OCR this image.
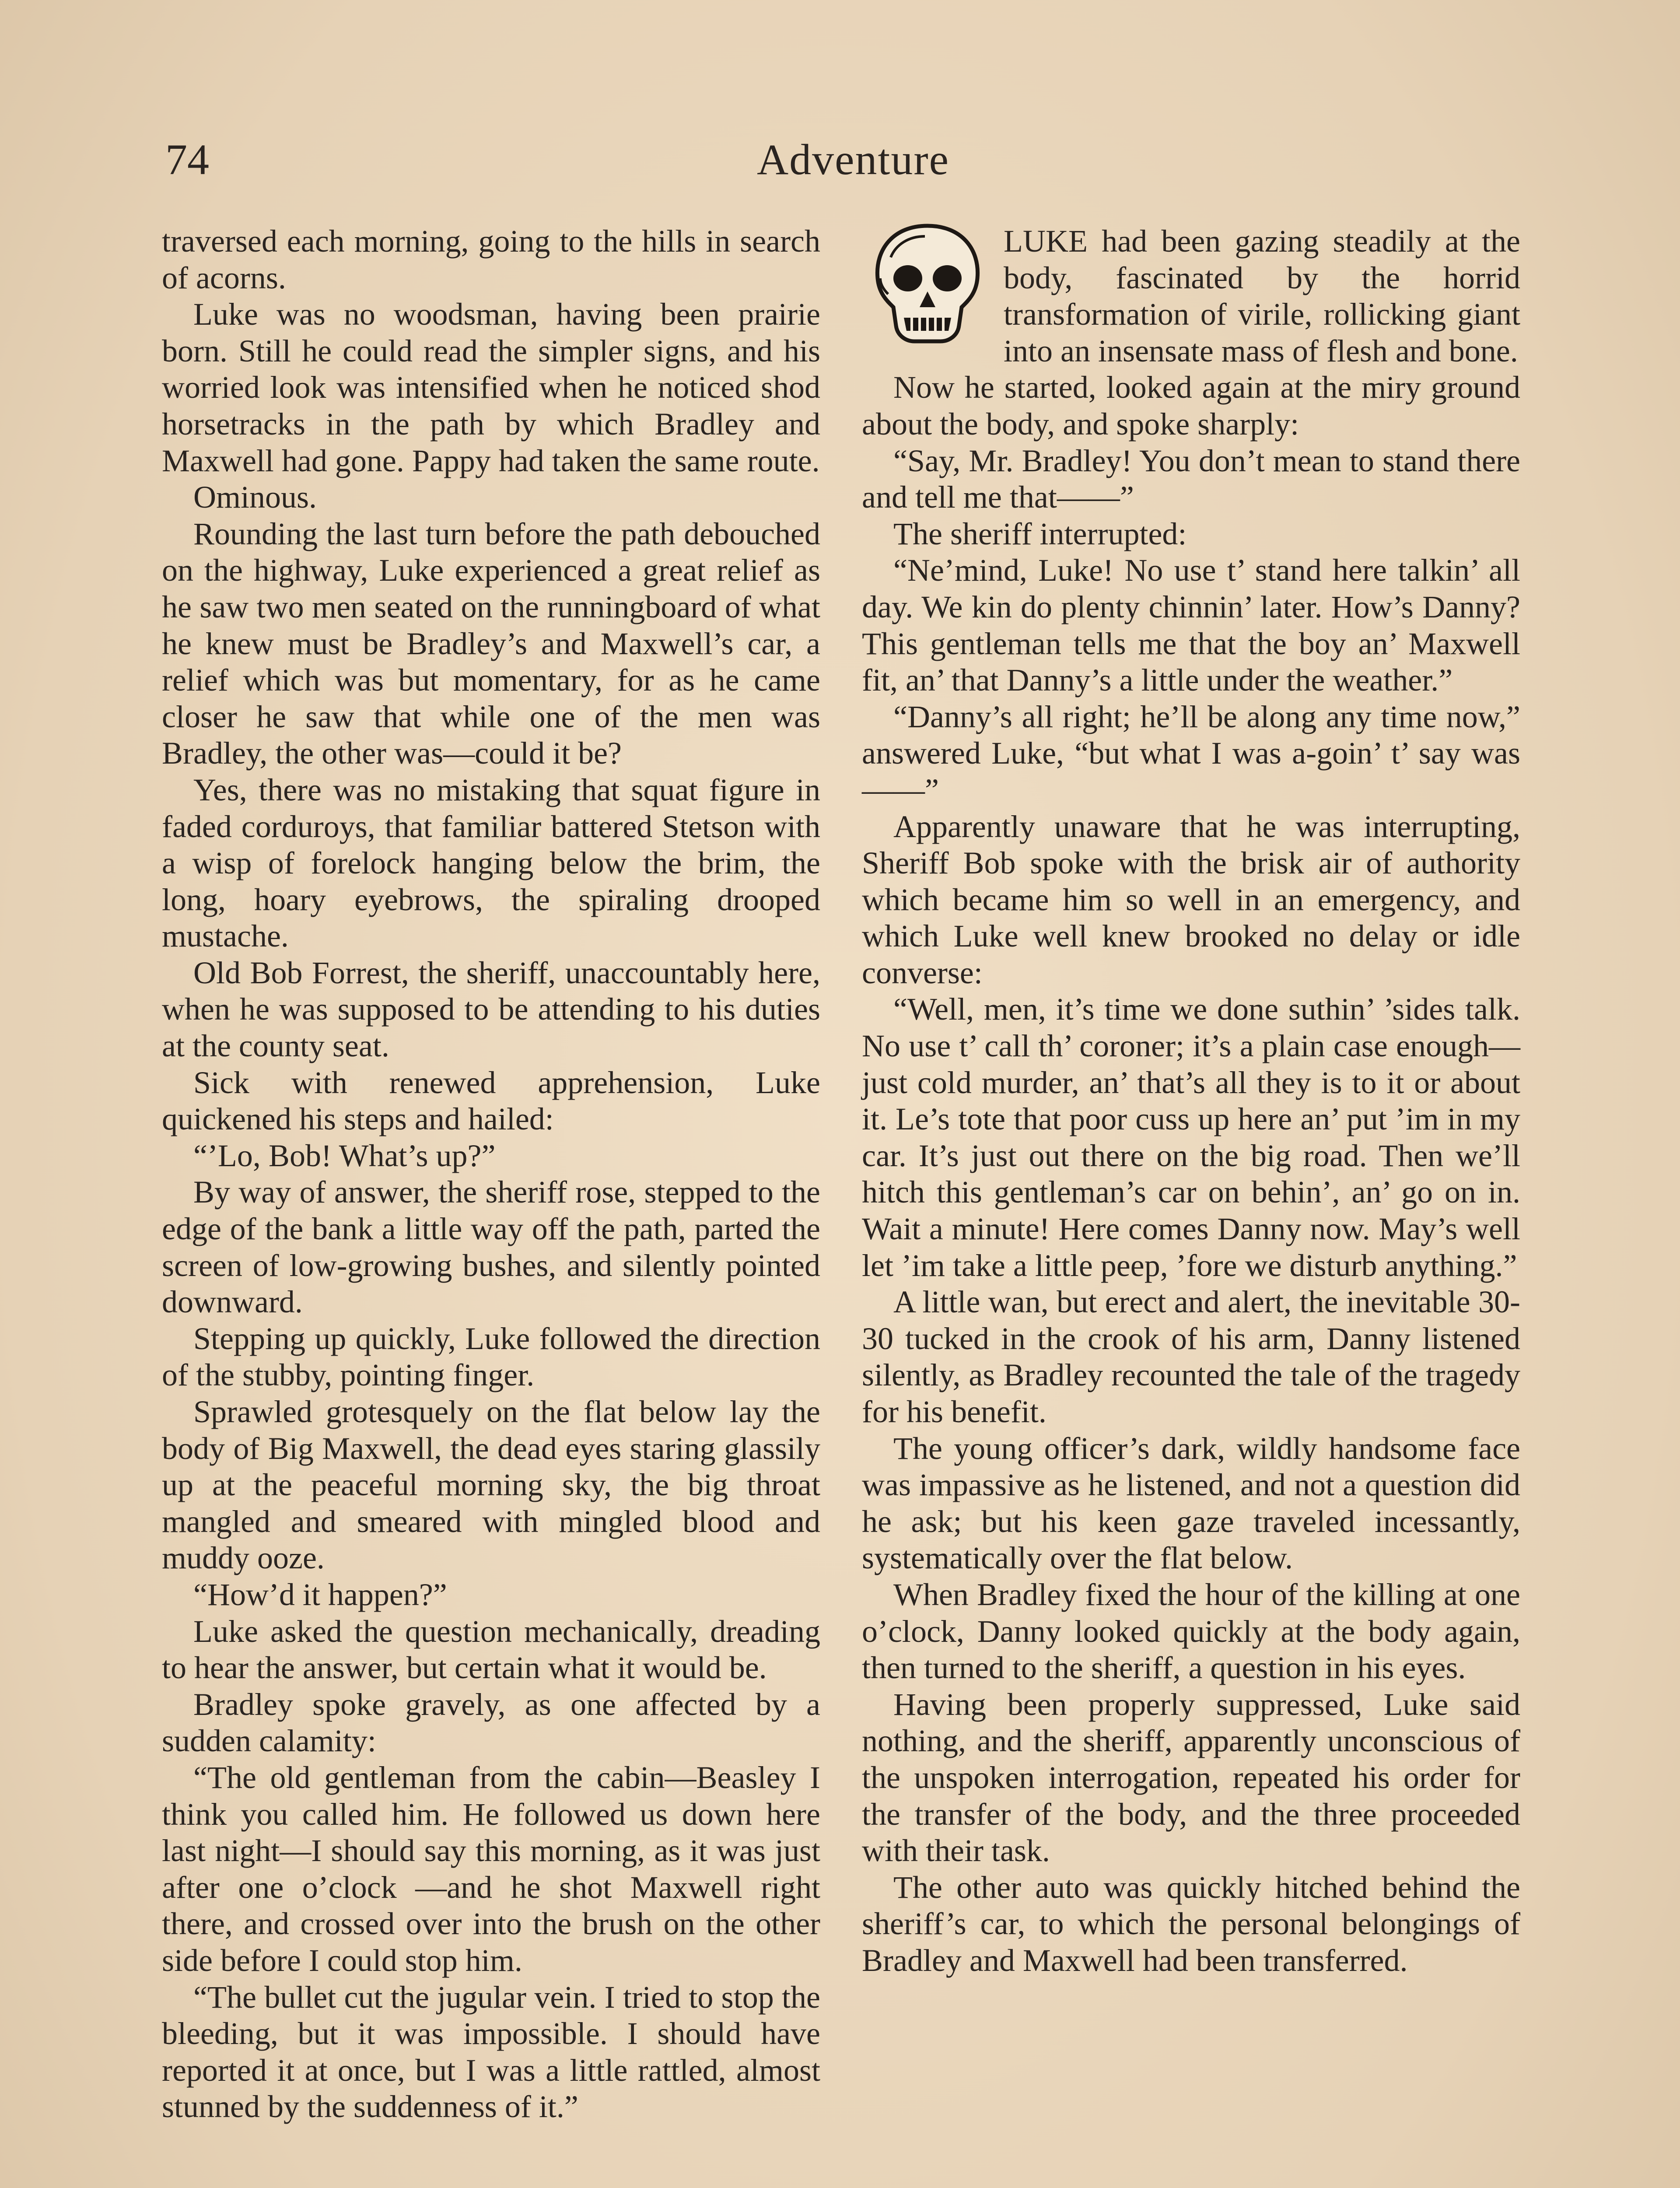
74	Adventure

traversed each morning, going to the hills in search of acorns.

Luke was no woodsman, having been prairie born. Still he could read the simpler signs, and his worried look was intensified when he noticed shod horsetracks in the path by which Bradley and Maxwell had gone. Pappy had taken the same route.

Ominous.

Rounding the last turn before the path debouched on the highway, Luke experienced a great relief as he saw two men seated on the runningboard of what he knew must be Bradley’s and Maxwell’s car, a relief which was but momentary, for as he came closer he saw that while one of the men was Bradley, the other was—could it be?

Yes, there was no mistaking that squat figure in faded corduroys, that familiar battered Stetson with a wisp of forelock hanging below the brim, the long, hoary eyebrows, the spiraling drooped mustache.

Old Bob Forrest, the sheriff, unaccountably here, when he was supposed to be attending to his duties at the county seat.

Sick with renewed apprehension, Luke quickened his steps and hailed:

“’Lo, Bob! What’s up?”

By way of answer, the sheriff rose, stepped to the edge of the bank a little way off the path, parted the screen of low-growing bushes, and silently pointed downward.

Stepping up quickly, Luke followed the direction of the stubby, pointing finger.

Sprawled grotesquely on the flat below lay the body of Big Maxwell, the dead eyes staring glassily up at the peaceful morning sky, the big throat mangled and smeared with mingled blood and muddy ooze.

“How’d it happen?”

Luke asked the question mechanically, dreading to hear the answer, but certain what it would be.

Bradley spoke gravely, as one affected by a sudden calamity:

“The old gentleman from the cabin—Beasley I think you called him. He followed us down here last night—I should say this morning, as it was just after one o’clock —and he shot Maxwell right there, and crossed over into the brush on the other side before I could stop him.

“The bullet cut the jugular vein. I tried to stop the bleeding, but it was impossible. I should have reported it at once, but I was a little rattled, almost stunned by the suddenness of it.”

LUKE had been gazing steadily at the body, fascinated by the horrid transformation of virile, rollicking giant into an insensate mass of flesh and bone.

Now he started, looked again at the miry ground about the body, and spoke sharply:

“Say, Mr. Bradley! You don’t mean to stand there and tell me that——”

The sheriff interrupted:

“Ne’mind, Luke! No use t’ stand here talkin’ all day. We kin do plenty chinnin’ later. How’s Danny? This gentleman tells me that the boy an’ Maxwell fit, an’ that Danny’s a little under the weather.”

“Danny’s all right; he’ll be along any time now,” answered Luke, “but what I was a-goin’ t’ say was——”

Apparently unaware that he was interrupting, Sheriff Bob spoke with the brisk air of authority which became him so well in an emergency, and which Luke well knew brooked no delay or idle converse:

“Well, men, it’s time we done suthin’ ’sides talk. No use t’ call th’ coroner; it’s a plain case enough—just cold murder, an’ that’s all they is to it or about it. Le’s tote that poor cuss up here an’ put ’im in my car. It’s just out there on the big road. Then we’ll hitch this gentleman’s car on behin’, an’ go on in. Wait a minute! Here comes Danny now. May’s well let ’im take a little peep, ’fore we disturb anything.”

A little wan, but erect and alert, the inevitable 30-30 tucked in the crook of his arm, Danny listened silently, as Bradley recounted the tale of the tragedy for his benefit.

The young officer’s dark, wildly handsome face was impassive as he listened, and not a question did he ask; but his keen gaze traveled incessantly, systematically over the flat below.

When Bradley fixed the hour of the killing at one o’clock, Danny looked quickly at the body again, then turned to the sheriff, a question in his eyes.

Having been properly suppressed, Luke said nothing, and the sheriff, apparently unconscious of the unspoken interrogation, repeated his order for the transfer of the body, and the three proceeded with their task.

The other auto was quickly hitched behind the sheriff’s car, to which the personal belongings of Bradley and Maxwell had been transferred.
